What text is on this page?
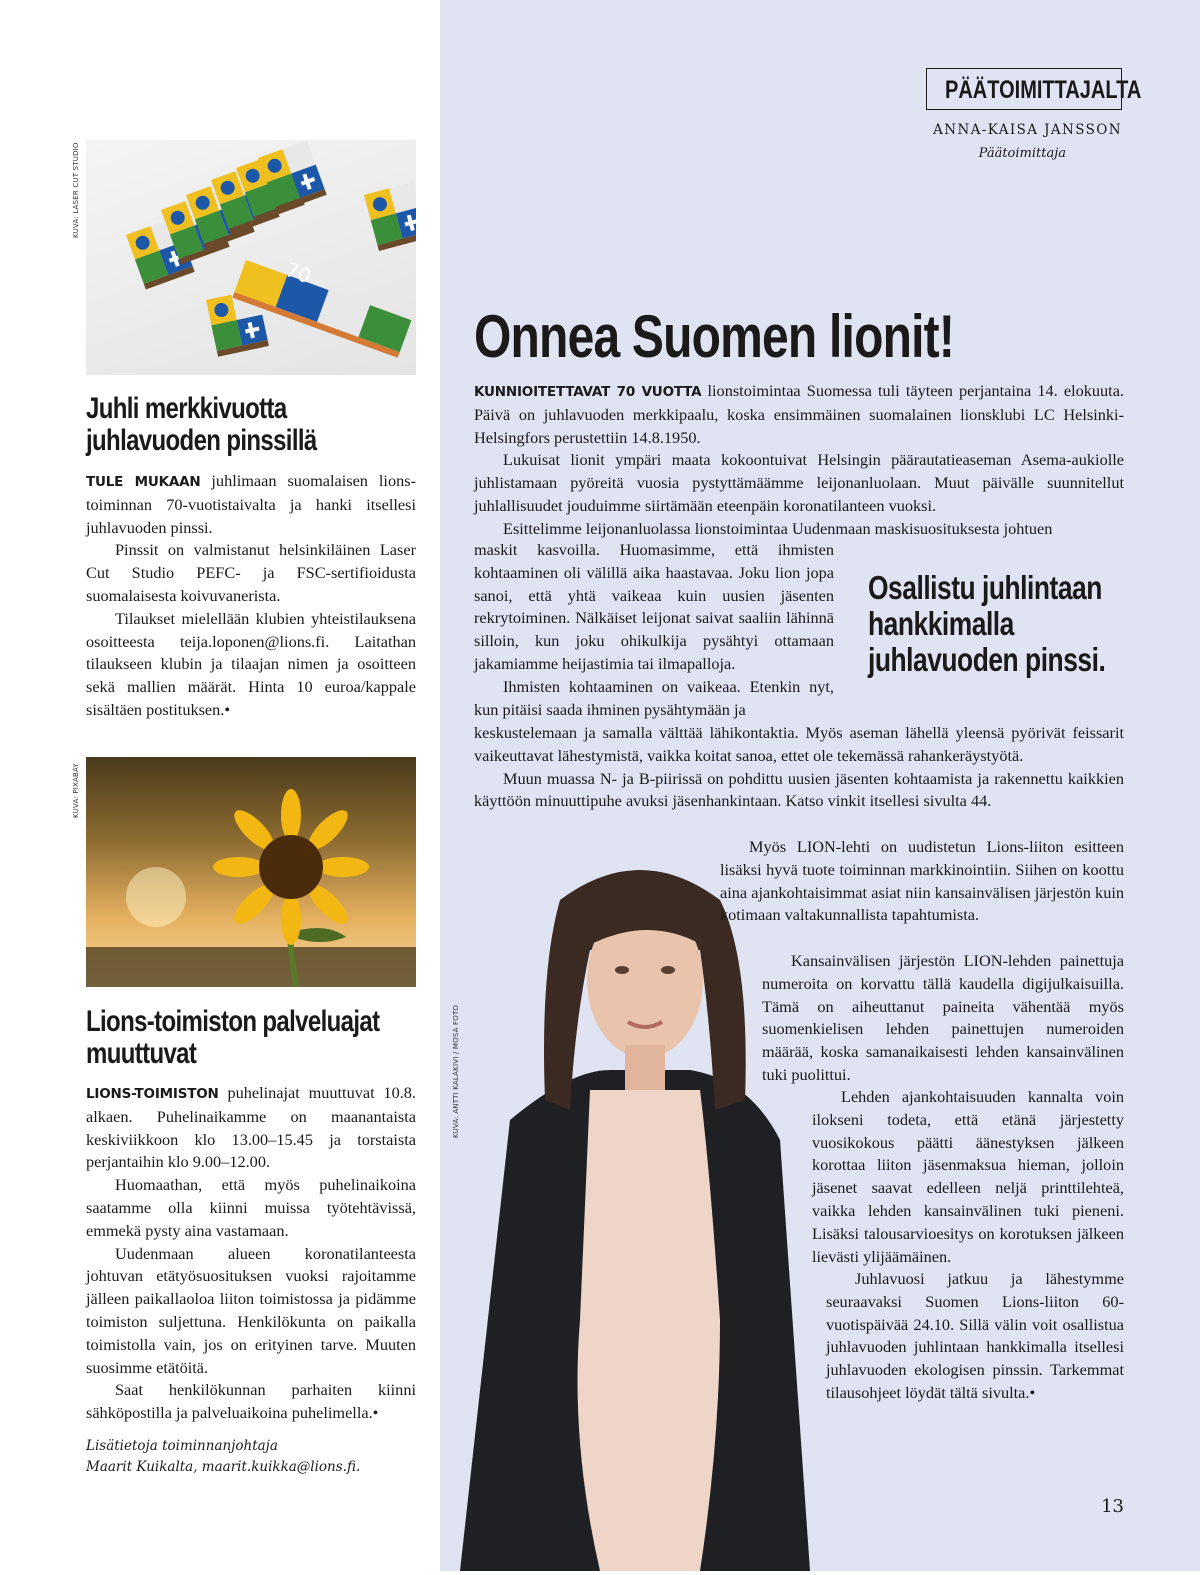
KUVA: LASER CUT STUDIO
70
Juhli merkkivuotta
juhlavuoden pinssillä

TULE MUKAAN juhlimaan suomalaisen lions-toiminnan 70-vuotistaivalta ja hanki itsellesi juhlavuoden pinssi.

Pinssit on valmistanut helsinkiläinen Laser Cut Studio PEFC- ja FSC-sertifioidusta suomalaisesta koivuvanerista.

Tilaukset mielellään klubien yhteistilauksena osoitteesta teija.loponen@lions.fi. Laitathan tilaukseen klubin ja tilaajan nimen ja osoitteen sekä mallien määrät. Hinta 10 euroa/kappale sisältäen postituksen.•

KUVA: PIXABAY
Lions-toimiston palveluajat
muuttuvat

LIONS-TOIMISTON puhelinajat muuttuvat 10.8. alkaen. Puhelinaikamme on maanantaista keskiviikkoon klo 13.00–15.45 ja torstaista perjantaihin klo 9.00–12.00.

Huomaathan, että myös puhelinaikoina saatamme olla kiinni muissa työtehtävissä, emmekä pysty aina vastamaan.

Uudenmaan alueen koronatilanteesta johtuvan etätyösuosituksen vuoksi rajoitamme jälleen paikallaoloa liiton toimistossa ja pidämme toimiston suljettuna. Henkilökunta on paikalla toimistolla vain, jos on erityinen tarve. Muuten suosimme etätöitä.

Saat henkilökunnan parhaiten kiinni sähköpostilla ja palveluaikoina puhelimella.•

Lisätietoja toiminnanjohtaja
Maarit Kuikalta, maarit.kuikka@lions.fi.
PÄÄTOIMITTAJALTA
ANNA-KAISA JANSSON
Päätoimittaja
Onnea Suomen lionit!

KUNNIOITETTAVAT 70 VUOTTA lionstoimintaa Suomessa tuli täyteen perjantaina 14. elokuuta. Päivä on juhlavuoden merkkipaalu, koska ensimmäinen suomalainen lionsklubi LC Helsinki-Helsingfors perustettiin 14.8.1950.

Lukuisat lionit ympäri maata kokoontuivat Helsingin päärautatieaseman Asema-aukiolle juhlistamaan pyöreitä vuosia pystyttämäämme leijonanluolaan. Muut päivälle suunnitellut juhlallisuudet jouduimme siirtämään eteenpäin koronatilanteen vuoksi.

Esittelimme leijonanluolassa lionstoimintaa Uudenmaan maskisuosituksesta johtuen

maskit kasvoilla. Huomasimme, että ihmisten kohtaaminen oli välillä aika haastavaa. Joku lion jopa sanoi, että yhtä vaikeaa kuin uusien jäsenten rekrytoiminen. Nälkäiset leijonat saivat saaliin lähinnä silloin, kun joku ohikulkija pysähtyi ottamaan jakamiamme heijastimia tai ilmapalloja.

Ihmisten kohtaaminen on vaikeaa. Etenkin nyt, kun pitäisi saada ihminen pysähtymään ja

Osallistu juhlintaan
hankkimalla
juhlavuoden pinssi.

keskustelemaan ja samalla välttää lähikontaktia. Myös aseman lähellä yleensä pyörivät feissarit vaikeuttavat lähestymistä, vaikka koitat sanoa, ettet ole tekemässä rahankeräystyötä.

Muun muassa N- ja B-piirissä on pohdittu uusien jäsenten kohtaamista ja rakennettu kaikkien käyttöön minuuttipuhe avuksi jäsenhankintaan. Katso vinkit itsellesi sivulta 44.

KUVA: ANTTI KALAKIVI / MOSA FOTO

Myös LION-lehti on uudistetun Lions-liiton esitteen lisäksi hyvä tuote toiminnan markkinointiin. Siihen on koottu aina ajankohtaisimmat asiat niin kansainvälisen järjestön kuin kotimaan valtakunnallista tapahtumista.

Kansainvälisen järjestön LION-lehden painettuja numeroita on korvattu tällä kaudella digijulkaisuilla. Tämä on aiheuttanut paineita vähentää myös suomenkielisen lehden painettujen numeroiden määrää, koska samanaikaisesti lehden kansainvälinen tuki puolittui.

Lehden ajankohtaisuuden kannalta voin ilokseni todeta, että etänä järjestetty vuosikokous päätti äänestyksen jälkeen korottaa liiton jäsenmaksua hieman, jolloin jäsenet saavat edelleen neljä printtilehteä, vaikka lehden kansainvälinen tuki pieneni. Lisäksi talousarvioesitys on korotuksen jälkeen lievästi ylijäämäinen.

Juhlavuosi jatkuu ja lähestymme seuraavaksi Suomen Lions-liiton 60-vuotispäivää 24.10. Sillä välin voit osallistua juhlavuoden juhlintaan hankkimalla itsellesi juhlavuoden ekologisen pinssin. Tarkemmat tilausohjeet löydät tältä sivulta.•

13
